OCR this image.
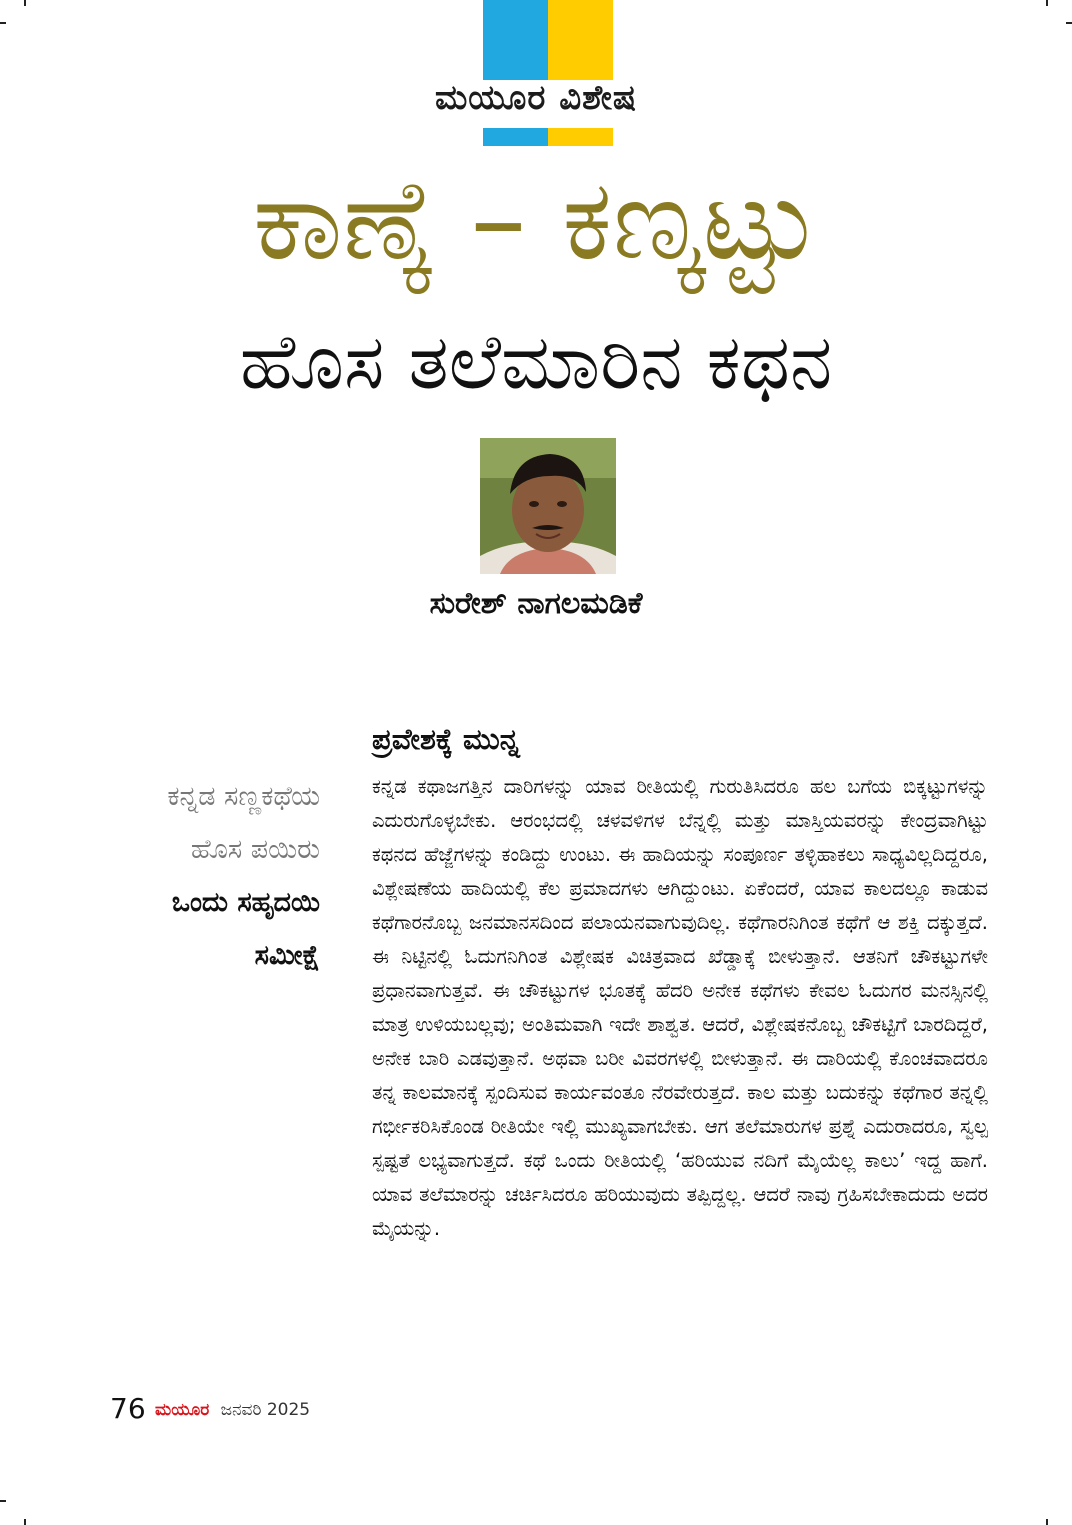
ಮಯೂರ ವಿಶೇಷ
ಕಾಣ್ಕೆ – ಕಣ್ಕಟ್ಟು
ಹೊಸ ತಲೆಮಾರಿನ ಕಥನ
ಸುರೇಶ್ ನಾಗಲಮಡಿಕೆ
ಕನ್ನಡ ಸಣ್ಣಕಥೆಯ
ಹೊಸ ಪಯಿರು
ಒಂದು ಸಹೃದಯಿ
ಸಮೀಕ್ಷೆ
ಪ್ರವೇಶಕ್ಕೆ ಮುನ್ನ

ಕನ್ನಡ ಕಥಾಜಗತ್ತಿನ ದಾರಿಗಳನ್ನು ಯಾವ ರೀತಿಯಲ್ಲಿ ಗುರುತಿಸಿದರೂ ಹಲ ಬಗೆಯ ಬಿಕ್ಕಟ್ಟುಗಳನ್ನು ಎದುರುಗೊಳ್ಳಬೇಕು. ಆರಂಭದಲ್ಲಿ ಚಳವಳಿಗಳ ಬೆನ್ನಲ್ಲಿ ಮತ್ತು ಮಾಸ್ತಿಯವರನ್ನು ಕೇಂದ್ರವಾಗಿಟ್ಟು ಕಥನದ ಹೆಜ್ಜೆಗಳನ್ನು ಕಂಡಿದ್ದು ಉಂಟು. ಈ ಹಾದಿಯನ್ನು ಸಂಪೂರ್ಣ ತಳ್ಳಿಹಾಕಲು ಸಾಧ್ಯವಿಲ್ಲದಿದ್ದರೂ, ವಿಶ್ಲೇಷಣೆಯ ಹಾದಿಯಲ್ಲಿ ಕೆಲ ಪ್ರಮಾದಗಳು ಆಗಿದ್ದುಂಟು. ಏಕೆಂದರೆ, ಯಾವ ಕಾಲದಲ್ಲೂ ಕಾಡುವ ಕಥೆಗಾರನೊಬ್ಬ ಜನಮಾನಸದಿಂದ ಪಲಾಯನವಾಗುವುದಿಲ್ಲ. ಕಥೆಗಾರನಿಗಿಂತ ಕಥೆಗೆ ಆ ಶಕ್ತಿ ದಕ್ಕುತ್ತದೆ. ಈ ನಿಟ್ಟಿನಲ್ಲಿ ಓದುಗನಿಗಿಂತ ವಿಶ್ಲೇಷಕ ವಿಚಿತ್ರವಾದ ಖೆಡ್ಡಾಕ್ಕೆ ಬೀಳುತ್ತಾನೆ. ಆತನಿಗೆ ಚೌಕಟ್ಟುಗಳೇ ಪ್ರಧಾನವಾಗುತ್ತವೆ. ಈ ಚೌಕಟ್ಟುಗಳ ಭೂತಕ್ಕೆ ಹೆದರಿ ಅನೇಕ ಕಥೆಗಳು ಕೇವಲ ಓದುಗರ ಮನಸ್ಸಿನಲ್ಲಿ ಮಾತ್ರ ಉಳಿಯಬಲ್ಲವು; ಅಂತಿಮವಾಗಿ ಇದೇ ಶಾಶ್ವತ. ಆದರೆ, ವಿಶ್ಲೇಷಕನೊಬ್ಬ ಚೌಕಟ್ಟಿಗೆ ಬಾರದಿದ್ದರೆ, ಅನೇಕ ಬಾರಿ ಎಡವುತ್ತಾನೆ. ಅಥವಾ ಬರೀ ವಿವರಗಳಲ್ಲಿ ಬೀಳುತ್ತಾನೆ. ಈ ದಾರಿಯಲ್ಲಿ ಕೊಂಚವಾದರೂ ತನ್ನ ಕಾಲಮಾನಕ್ಕೆ ಸ್ಪಂದಿಸುವ ಕಾರ್ಯವಂತೂ ನೆರವೇರುತ್ತದೆ. ಕಾಲ ಮತ್ತು ಬದುಕನ್ನು ಕಥೆಗಾರ ತನ್ನಲ್ಲಿ ಗರ್ಭೀಕರಿಸಿಕೊಂಡ ರೀತಿಯೇ ಇಲ್ಲಿ ಮುಖ್ಯವಾಗಬೇಕು. ಆಗ ತಲೆಮಾರುಗಳ ಪ್ರಶ್ನೆ ಎದುರಾದರೂ, ಸ್ವಲ್ಪ ಸ್ಪಷ್ಟತೆ ಲಭ್ಯವಾಗುತ್ತದೆ. ಕಥೆ ಒಂದು ರೀತಿಯಲ್ಲಿ ‘ಹರಿಯುವ ನದಿಗೆ ಮೈಯೆಲ್ಲ ಕಾಲು’ ಇದ್ದ ಹಾಗೆ. ಯಾವ ತಲೆಮಾರನ್ನು ಚರ್ಚಿಸಿದರೂ ಹರಿಯುವುದು ತಪ್ಪಿದ್ದಲ್ಲ. ಆದರೆ ನಾವು ಗ್ರಹಿಸಬೇಕಾದುದು ಅದರ ಮೈಯನ್ನು.

76 ಮಯೂರ ಜನವರಿ 2025
